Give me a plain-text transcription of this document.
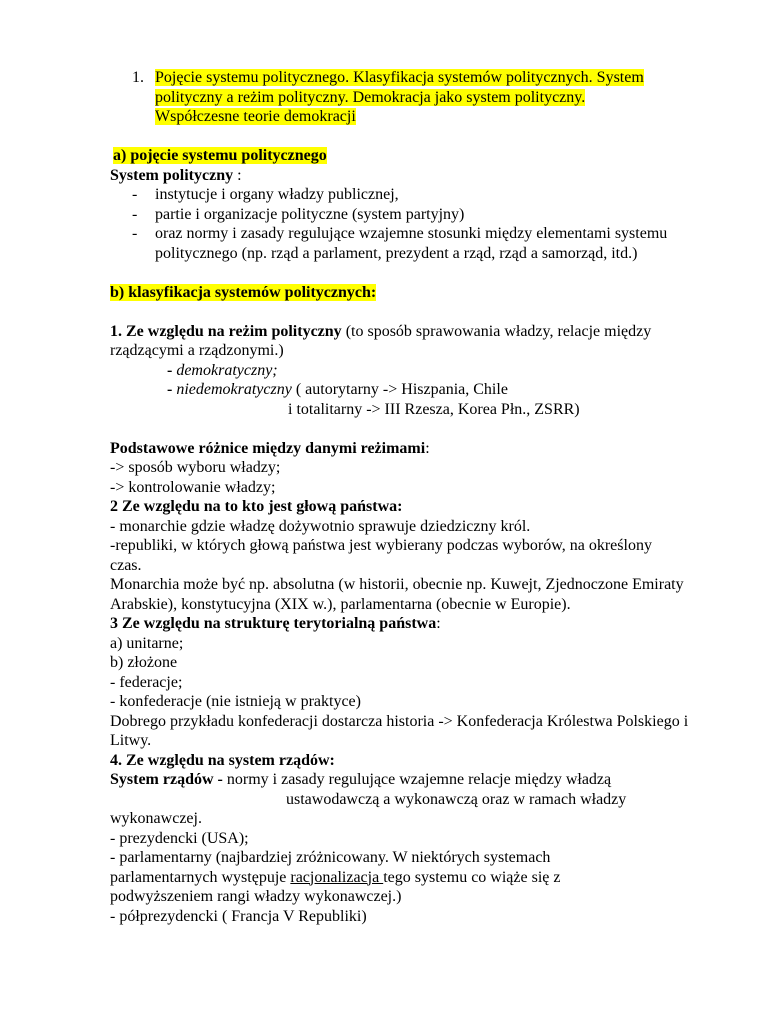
1. Pojęcie systemu politycznego. Klasyfikacja systemów politycznych. System
polityczny a reżim polityczny. Demokracja jako system polityczny.
Współczesne teorie demokracji

a) pojęcie systemu politycznego

System polityczny :

- instytucje i organy władzy publicznej,
- partie i organizacje polityczne (system partyjny)
- oraz normy i zasady regulujące wzajemne stosunki między elementami systemu politycznego (np. rząd a parlament, prezydent a rząd, rząd a samorząd, itd.)

b) klasyfikacja systemów politycznych:

1. Ze względu na reżim polityczny (to sposób sprawowania władzy, relacje między rządzącymi a rządzonymi.)

- demokratyczny;

- niedemokratyczny ( autorytarny -> Hiszpania, Chile

i totalitarny -> III Rzesza, Korea Płn., ZSRR)

Podstawowe różnice między danymi reżimami:

-> sposób wyboru władzy;

-> kontrolowanie władzy;

2 Ze względu na to kto jest głową państwa:

- monarchie gdzie władzę dożywotnio sprawuje dziedziczny król.

-republiki, w których głową państwa jest wybierany podczas wyborów, na określony czas.

Monarchia może być np. absolutna (w historii, obecnie np. Kuwejt, Zjednoczone Emiraty Arabskie), konstytucyjna (XIX w.), parlamentarna (obecnie w Europie).

3 Ze względu na strukturę terytorialną państwa:

a) unitarne;

b) złożone

- federacje;

- konfederacje (nie istnieją w praktyce)

Dobrego przykładu konfederacji dostarcza historia -> Konfederacja Królestwa Polskiego i Litwy.

4. Ze względu na system rządów:

System rządów - normy i zasady regulujące wzajemne relacje między władzą

ustawodawczą a wykonawczą oraz w ramach władzy

wykonawczej.

- prezydencki (USA);

- parlamentarny (najbardziej zróżnicowany. W niektórych systemach parlamentarnych występuje racjonalizacja tego systemu co wiąże się z podwyższeniem rangi władzy wykonawczej.)

- półprezydencki ( Francja V Republiki)
